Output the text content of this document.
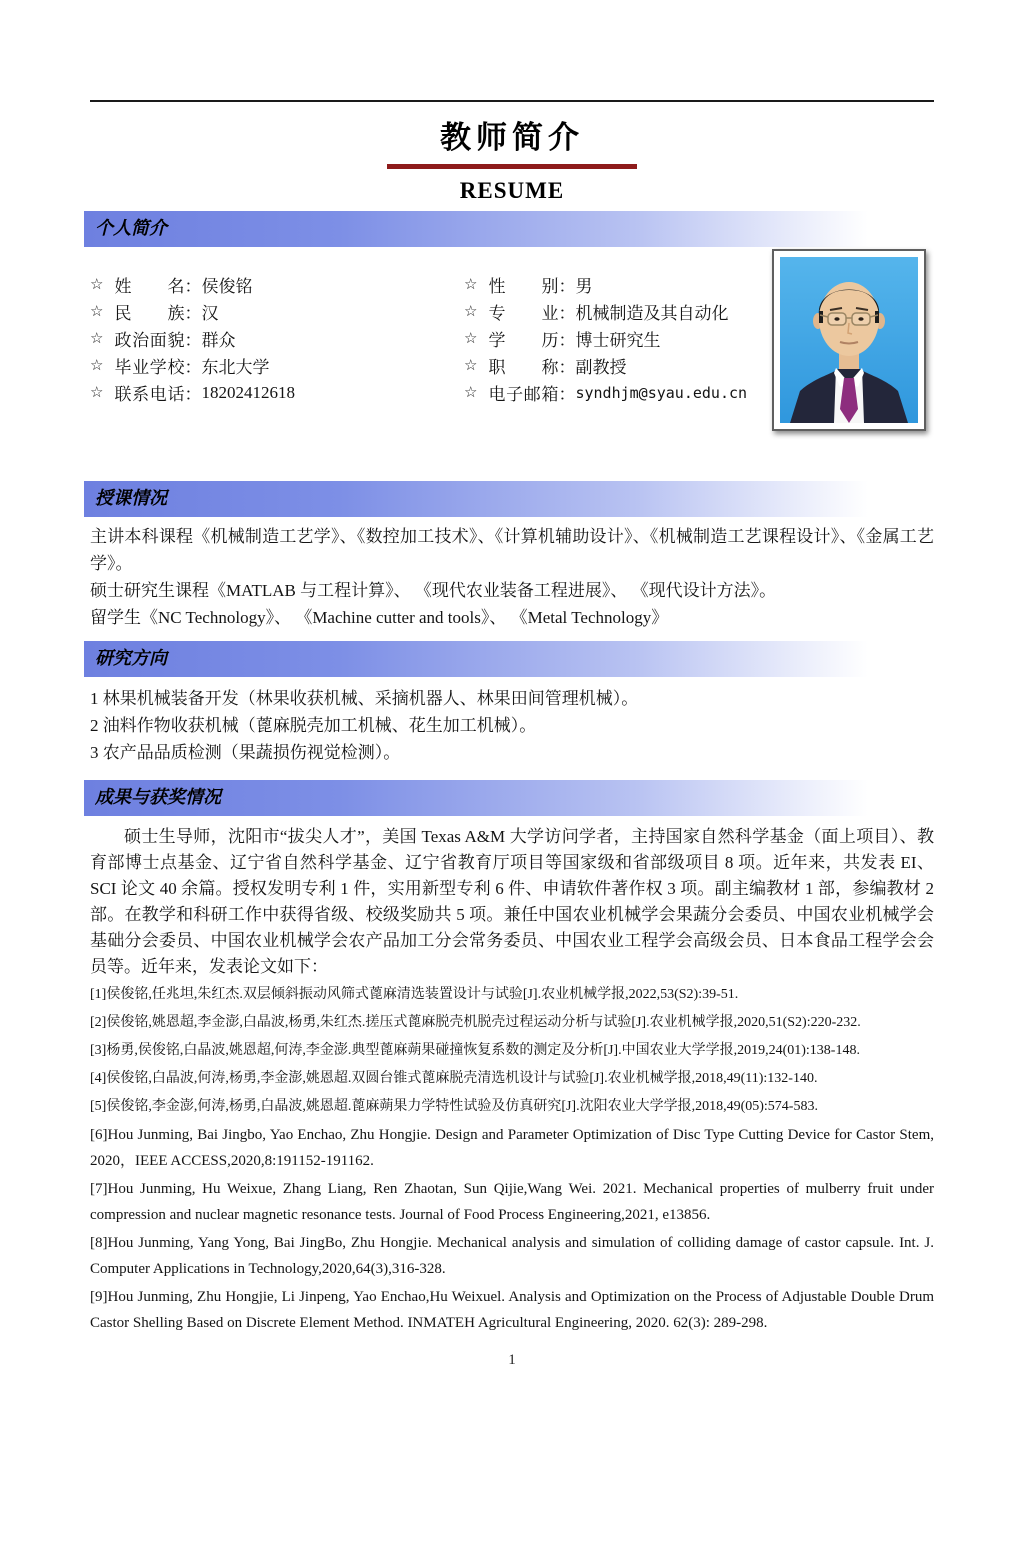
教师简介
RESUME
个人简介
☆ 姓名 ： 侯俊铭
☆ 民族 ： 汉
☆ 政治面貌 ： 群众
☆ 毕业学校 ： 东北大学
☆ 联系电话 ： 18202412618
☆ 性别 ： 男
☆ 专业 ： 机械制造及其自动化
☆ 学历 ： 博士研究生
☆ 职称 ： 副教授
☆ 电子邮箱 ： syndhjm@syau.edu.cn
授课情况

主讲本科课程《机械制造工艺学》、《数控加工技术》、《计算机辅助设计》、《机械制造工艺课程设计》、《金属工艺学》。

硕士研究生课程《MATLAB 与工程计算》、 《现代农业装备工程进展》、 《现代设计方法》。

留学生《NC Technology》、 《Machine cutter and tools》、 《Metal Technology》

研究方向

1 林果机械装备开发（林果收获机械、采摘机器人、林果田间管理机械）。

2 油料作物收获机械（蓖麻脱壳加工机械、花生加工机械）。

3 农产品品质检测（果蔬损伤视觉检测）。

成果与获奖情况

硕士生导师，沈阳市“拔尖人才”，美国 Texas A&M 大学访问学者，主持国家自然科学基金（面上项目）、教育部博士点基金、辽宁省自然科学基金、辽宁省教育厅项目等国家级和省部级项目 8 项。近年来，共发表 EI、SCI 论文 40 余篇。授权发明专利 1 件，实用新型专利 6 件、申请软件著作权 3 项。副主编教材 1 部，参编教材 2 部。在教学和科研工作中获得省级、校级奖励共 5 项。兼任中国农业机械学会果蔬分会委员、中国农业机械学会基础分会委员、中国农业机械学会农产品加工分会常务委员、中国农业工程学会高级会员、日本食品工程学会会员等。近年来，发表论文如下：

[1]侯俊铭,任兆坦,朱红杰.双层倾斜振动风筛式蓖麻清选装置设计与试验[J].农业机械学报,2022,53(S2):39-51.

[2]侯俊铭,姚恩超,李金澎,白晶波,杨勇,朱红杰.搓压式蓖麻脱壳机脱壳过程运动分析与试验[J].农业机械学报,2020,51(S2):220-232.

[3]杨勇,侯俊铭,白晶波,姚恩超,何涛,李金澎.典型蓖麻蒴果碰撞恢复系数的测定及分析[J].中国农业大学学报,2019,24(01):138-148.

[4]侯俊铭,白晶波,何涛,杨勇,李金澎,姚恩超.双圆台锥式蓖麻脱壳清选机设计与试验[J].农业机械学报,2018,49(11):132-140.

[5]侯俊铭,李金澎,何涛,杨勇,白晶波,姚恩超.蓖麻蒴果力学特性试验及仿真研究[J].沈阳农业大学学报,2018,49(05):574-583.

[6]Hou Junming, Bai Jingbo, Yao Enchao, Zhu Hongjie. Design and Parameter Optimization of Disc Type Cutting Device for Castor Stem, 2020，IEEE ACCESS,2020,8:191152-191162.

[7]Hou Junming, Hu Weixue, Zhang Liang, Ren Zhaotan, Sun Qijie,Wang Wei. 2021. Mechanical properties of mulberry fruit under compression and nuclear magnetic resonance tests. Journal of Food Process Engineering,2021, e13856.

[8]Hou Junming, Yang Yong, Bai JingBo, Zhu Hongjie. Mechanical analysis and simulation of colliding damage of castor capsule. Int. J. Computer Applications in Technology,2020,64(3),316-328.

[9]Hou Junming, Zhu Hongjie, Li Jinpeng, Yao Enchao,Hu Weixuel. Analysis and Optimization on the Process of Adjustable Double Drum Castor Shelling Based on Discrete Element Method. INMATEH Agricultural Engineering, 2020. 62(3): 289-298.

1
